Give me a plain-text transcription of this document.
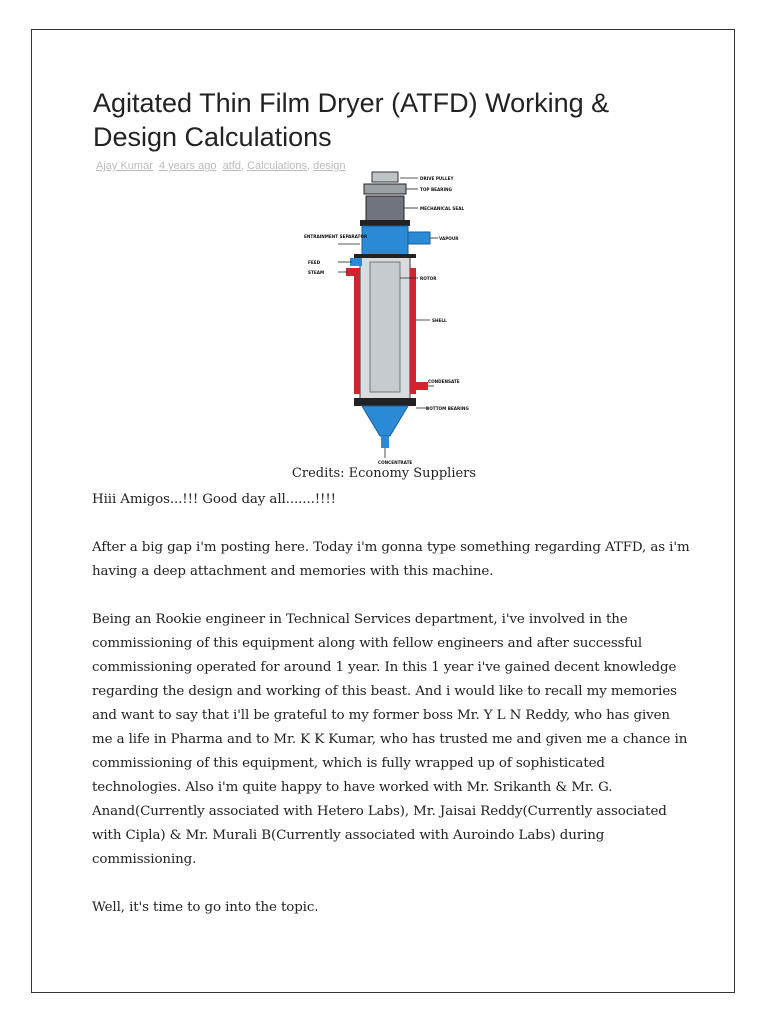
Agitated Thin Film Dryer (ATFD) Working & Design Calculations
Ajay Kumar 4 years ago atfd, Calculations, design
DRIVE PULLEY
TOP BEARING
MECHANICAL SEAL
VAPOUR
ENTRAINMENT SEPARATOR
FEED
STEAM
ROTOR
SHELL
CONDENSATE
BOTTOM BEARING
CONCENTRATE
Credits: Economy Suppliers

Hiii Amigos...!!! Good day all.......!!!!

After a big gap i'm posting here. Today i'm gonna type something regarding ATFD, as i'm having a deep attachment and memories with this machine.

Being an Rookie engineer in Technical Services department, i've involved in the commissioning of this equipment along with fellow engineers and after successful commissioning operated for around 1 year. In this 1 year i've gained decent knowledge regarding the design and working of this beast. And i would like to recall my memories and want to say that i'll be grateful to my former boss Mr. Y L N Reddy, who has given me a life in Pharma and to Mr. K K Kumar, who has trusted me and given me a chance in commissioning of this equipment, which is fully wrapped up of sophisticated technologies. Also i'm quite happy to have worked with Mr. Srikanth & Mr. G. Anand(Currently associated with Hetero Labs), Mr. Jaisai Reddy(Currently associated with Cipla) & Mr. Murali B(Currently associated with Auroindo Labs) during commissioning.

Well, it's time to go into the topic.
